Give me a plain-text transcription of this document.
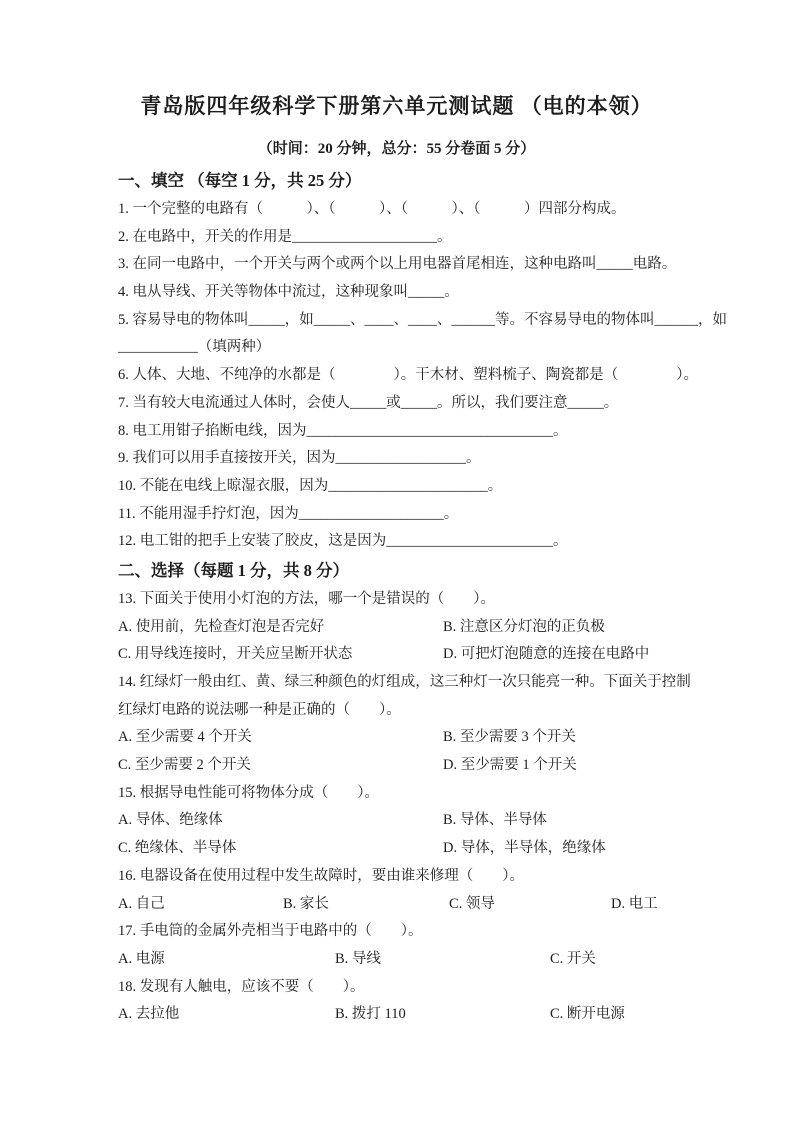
青岛版四年级科学下册第六单元测试题 （电的本领）
（时间：20 分钟，总分：55 分卷面 5 分）
一、填空 （每空 1 分，共 25 分）
1. 一个完整的电路有（　　　）、（　　　）、（　　　）、（　　　）四部分构成。
2. 在电路中，开关的作用是____________________。
3. 在同一电路中，一个开关与两个或两个以上用电器首尾相连，这种电路叫_____电路。
4. 电从导线、开关等物体中流过，这种现象叫_____。
5. 容易导电的物体叫_____，如_____、____、____、______等。不容易导电的物体叫______，如
___________（填两种）
6. 人体、大地、不纯净的水都是（　　　　）。干木材、塑料梳子、陶瓷都是（　　　　）。
7. 当有较大电流通过人体时，会使人_____或_____。所以，我们要注意_____。
8. 电工用钳子掐断电线，因为__________________________________。
9. 我们可以用手直接按开关，因为__________________。
10. 不能在电线上晾湿衣服，因为______________________。
11. 不能用湿手拧灯泡，因为____________________。
12. 电工钳的把手上安装了胶皮，这是因为_______________________。
二、选择（每题 1 分，共 8 分）
13. 下面关于使用小灯泡的方法，哪一个是错误的（　　）。
A. 使用前，先检查灯泡是否完好	B. 注意区分灯泡的正负极
C. 用导线连接时，开关应呈断开状态	D. 可把灯泡随意的连接在电路中
14. 红绿灯一般由红、黄、绿三种颜色的灯组成，这三种灯一次只能亮一种。下面关于控制
红绿灯电路的说法哪一种是正确的（　　）。
A. 至少需要 4 个开关	B. 至少需要 3 个开关
C. 至少需要 2 个开关	D. 至少需要 1 个开关
15. 根据导电性能可将物体分成（　　）。
A. 导体、绝缘体	B. 导体、半导体
C. 绝缘体、半导体	D. 导体，半导体，绝缘体
16. 电器设备在使用过程中发生故障时，要由谁来修理（　　）。
A. 自己	B. 家长	C. 领导	D. 电工
17. 手电筒的金属外壳相当于电路中的（　　）。
A. 电源	B. 导线	C. 开关
18. 发现有人触电，应该不要（　　）。
A. 去拉他	B. 拨打 110	C. 断开电源
